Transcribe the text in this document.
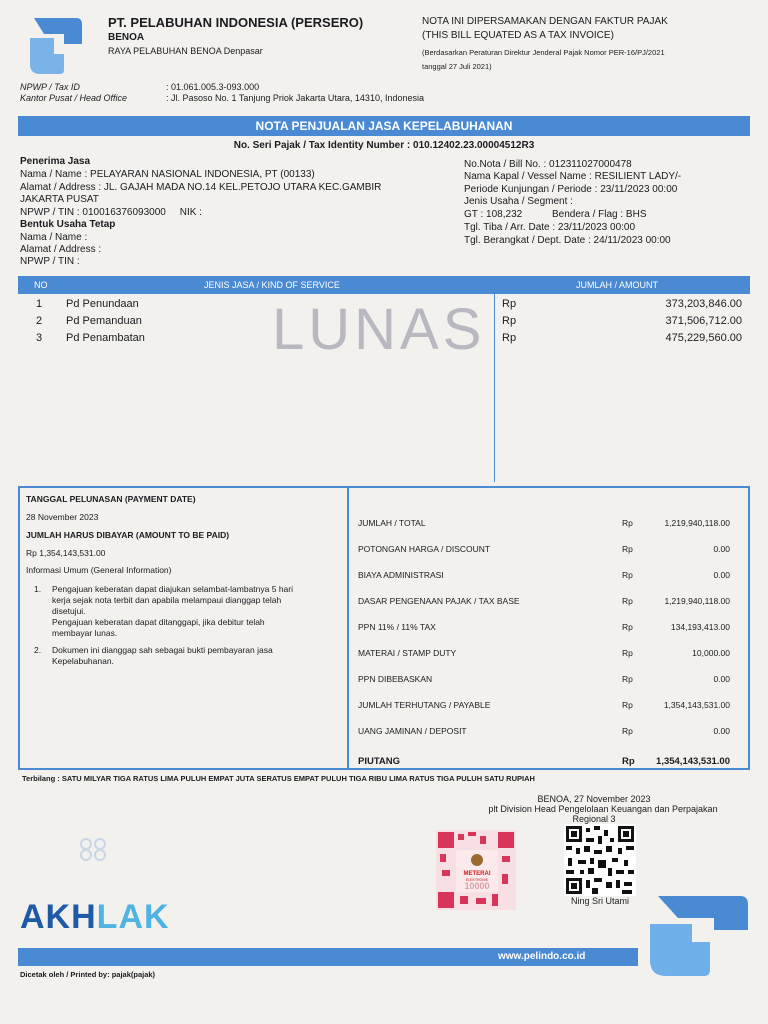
PT. PELABUHAN INDONESIA (PERSERO)
BENOA
RAYA PELABUHAN BENOA Denpasar
NOTA INI DIPERSAMAKAN DENGAN FAKTUR PAJAK
(THIS BILL EQUATED AS A TAX INVOICE)
(Berdasarkan Peraturan Direktur Jenderal Pajak Nomor PER-16/PJ/2021
tanggal 27 Juli 2021)
NPWP / Tax ID	: 01.061.005.3-093.000
Kantor Pusat / Head Office	: Jl. Pasoso No. 1 Tanjung Priok Jakarta Utara, 14310, Indonesia
NOTA PENJUALAN JASA KEPELABUHANAN
No. Seri Pajak / Tax Identity Number : 010.12402.23.00004512R3
Penerima Jasa
Nama / Name : PELAYARAN NASIONAL INDONESIA, PT (00133)
Alamat / Address : JL. GAJAH MADA NO.14 KEL.PETOJO UTARA KEC.GAMBIR
JAKARTA PUSAT
NPWP / TIN : 010016376093000     NIK :
Bentuk Usaha Tetap
Nama / Name :
Alamat / Address :
NPWP / TIN :
No.Nota / Bill No. : 012311027000478
Nama Kapal / Vessel Name : RESILIENT LADY/-
Periode Kunjungan / Periode : 23/11/2023 00:00
Jenis Usaha / Segment :
GT : 108,232	Bendera / Flag : BHS
Tgl. Tiba / Arr. Date : 23/11/2023 00:00
Tgl. Berangkat / Dept. Date : 24/11/2023 00:00
NO	JENIS JASA / KIND OF SERVICE	JUMLAH / AMOUNT
LUNAS
1 Pd Penundaan	Rp	373,203,846.00
2 Pd Pemanduan	Rp	371,506,712.00
3 Pd Penambatan	Rp	475,229,560.00
TANGGAL PELUNASAN (PAYMENT DATE)
28 November 2023
JUMLAH HARUS DIBAYAR (AMOUNT TO BE PAID)
Rp 1,354,143,531.00
Informasi Umum (General Information)
1. Pengajuan keberatan dapat diajukan selambat-lambatnya 5 hari
kerja sejak nota terbit dan apabila melampaui dianggap telah
disetujui.
Pengajuan keberatan dapat ditanggapi, jika debitur telah
membayar lunas.
2. Dokumen ini dianggap sah sebagai bukti pembayaran jasa
Kepelabuhanan.
JUMLAH / TOTAL	Rp	1,219,940,118.00
POTONGAN HARGA / DISCOUNT	Rp	0.00
BIAYA ADMINISTRASI	Rp	0.00
DASAR PENGENAAN PAJAK / TAX BASE	Rp	1,219,940,118.00
PPN 11% / 11% TAX	Rp	134,193,413.00
MATERAI / STAMP DUTY	Rp	10,000.00
PPN DIBEBASKAN	Rp	0.00
JUMLAH TERHUTANG / PAYABLE	Rp	1,354,143,531.00
UANG JAMINAN / DEPOSIT	Rp	0.00
PIUTANG	Rp 1,354,143,531.00
Terbilang : SATU MILYAR TIGA RATUS LIMA PULUH EMPAT JUTA SERATUS EMPAT PULUH TIGA RIBU LIMA RATUS TIGA PULUH SATU RUPIAH
BENOA, 27 November 2023
plt Division Head Pengelolaan Keuangan dan Perpajakan
Regional 3
METERAI
ELEKTRONIK
10000
Ning Sri Utami
AKHLAK
www.pelindo.co.id
Dicetak oleh / Printed by: pajak(pajak)
